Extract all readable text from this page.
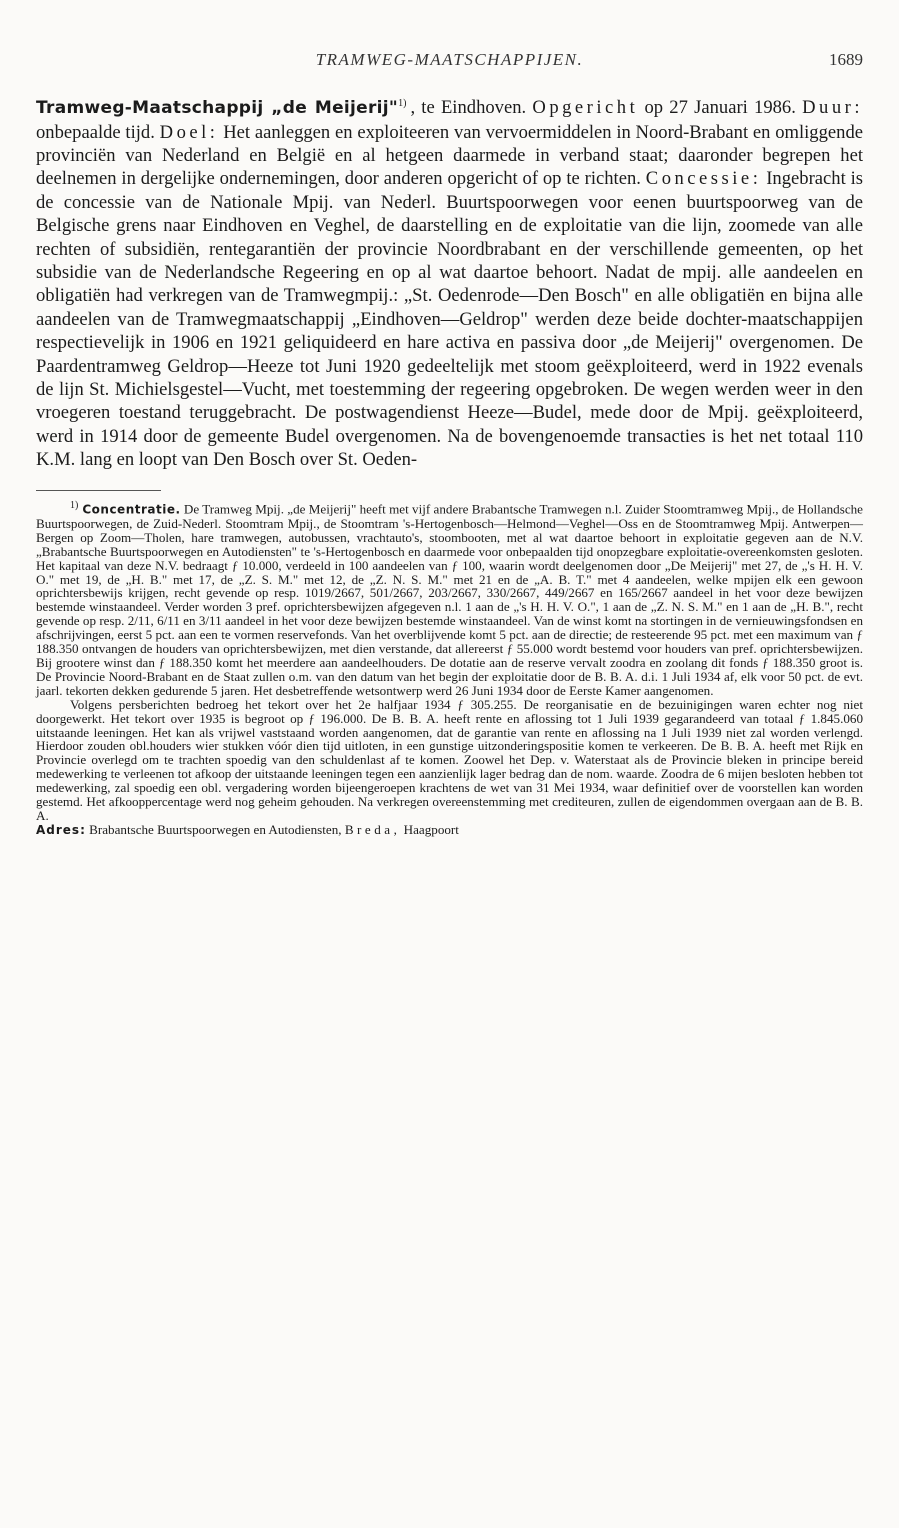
TRAMWEG-MAATSCHAPPIJEN.	1689

Tramweg-Maatschappij „de Meijerij"$^{1)}$ , te Eindhoven. Opgericht op 27 Januari 1986. Duur: onbepaalde tijd. Doel: Het aanleggen en exploiteeren van vervoermiddelen in Noord-Brabant en omliggende provinciën van Nederland en België en al hetgeen daarmede in verband staat; daaronder begrepen het deelnemen in dergelijke ondernemingen, door anderen opgericht of op te richten. Concessie: Ingebracht is de concessie van de Nationale Mpij. van Nederl. Buurtspoorwegen voor eenen buurtspoorweg van de Belgische grens naar Eindhoven en Veghel, de daarstelling en de exploitatie van die lijn, zoomede van alle rechten of subsidiën, rentegarantiën der provincie Noordbrabant en der verschillende gemeenten, op het subsidie van de Nederlandsche Regeering en op al wat daartoe behoort. Nadat de mpij. alle aandeelen en obligatiën had verkregen van de Tramwegmpij.: „St. Oedenrode—Den Bosch" en alle obligatiën en bijna alle aandeelen van de Tramwegmaatschappij „Eindhoven—Geldrop" werden deze beide dochter-maatschappijen respectievelijk in 1906 en 1921 geliquideerd en hare activa en passiva door „de Meijerij" overgenomen. De Paardentramweg Geldrop—Heeze tot Juni 1920 gedeeltelijk met stoom geëxploiteerd, werd in 1922 evenals de lijn St. Michielsgestel—Vucht, met toestemming der regeering opgebroken. De wegen werden weer in den vroegeren toestand teruggebracht. De postwagendienst Heeze—Budel, mede door de Mpij. geëxploiteerd, werd in 1914 door de gemeente Budel overgenomen. Na de bovengenoemde transacties is het net totaal 110 K.M. lang en loopt van Den Bosch over St. Oeden-

$^{1)}$ Concentratie. De Tramweg Mpij. „de Meijerij" heeft met vijf andere Brabantsche Tramwegen n.l. Zuider Stoomtramweg Mpij., de Hollandsche Buurtspoorwegen, de Zuid-Nederl. Stoomtram Mpij., de Stoomtram 's-Hertogenbosch—Helmond—Veghel—Oss en de Stoomtramweg Mpij. Antwerpen—Bergen op Zoom—Tholen, hare tramwegen, autobussen, vrachtauto's, stoombooten, met al wat daartoe behoort in exploitatie gegeven aan de N.V. „Brabantsche Buurtspoorwegen en Autodiensten" te 's-Hertogenbosch en daarmede voor onbepaalden tijd onopzegbare exploitatie-overeenkomsten gesloten. Het kapitaal van deze N.V. bedraagt ƒ 10.000, verdeeld in 100 aandeelen van ƒ 100, waarin wordt deelgenomen door „De Meijerij" met 27, de „'s H. H. V. O." met 19, de „H. B." met 17, de „Z. S. M." met 12, de „Z. N. S. M." met 21 en de „A. B. T." met 4 aandeelen, welke mpijen elk een gewoon oprichtersbewijs krijgen, recht gevende op resp. 1019/2667, 501/2667, 203/2667, 330/2667, 449/2667 en 165/2667 aandeel in het voor deze bewijzen bestemde winstaandeel. Verder worden 3 pref. oprichtersbewijzen afgegeven n.l. 1 aan de „'s H. H. V. O.", 1 aan de „Z. N. S. M." en 1 aan de „H. B.", recht gevende op resp. 2/11, 6/11 en 3/11 aandeel in het voor deze bewijzen bestemde winstaandeel. Van de winst komt na stortingen in de vernieuwingsfondsen en afschrijvingen, eerst 5 pct. aan een te vormen reservefonds. Van het overblijvende komt 5 pct. aan de directie; de resteerende 95 pct. met een maximum van ƒ 188.350 ontvangen de houders van oprichtersbewijzen, met dien verstande, dat allereerst ƒ 55.000 wordt bestemd voor houders van pref. oprichtersbewijzen. Bij grootere winst dan ƒ 188.350 komt het meerdere aan aandeelhouders. De dotatie aan de reserve vervalt zoodra en zoolang dit fonds ƒ 188.350 groot is. De Provincie Noord-Brabant en de Staat zullen o.m. van den datum van het begin der exploitatie door de B. B. A. d.i. 1 Juli 1934 af, elk voor 50 pct. de evt. jaarl. tekorten dekken gedurende 5 jaren. Het desbetreffende wetsontwerp werd 26 Juni 1934 door de Eerste Kamer aangenomen.

Volgens persberichten bedroeg het tekort over het 2e halfjaar 1934 ƒ 305.255. De reorganisatie en de bezuinigingen waren echter nog niet doorgewerkt. Het tekort over 1935 is begroot op ƒ 196.000. De B. B. A. heeft rente en aflossing tot 1 Juli 1939 gegarandeerd van totaal ƒ 1.845.060 uitstaande leeningen. Het kan als vrijwel vaststaand worden aangenomen, dat de garantie van rente en aflossing na 1 Juli 1939 niet zal worden verlengd. Hierdoor zouden obl.houders wier stukken vóór dien tijd uitloten, in een gunstige uitzonderingspositie komen te verkeeren. De B. B. A. heeft met Rijk en Provincie overlegd om te trachten spoedig van den schuldenlast af te komen. Zoowel het Dep. v. Waterstaat als de Provincie bleken in principe bereid medewerking te verleenen tot afkoop der uitstaande leeningen tegen een aanzienlijk lager bedrag dan de nom. waarde. Zoodra de 6 mijen besloten hebben tot medewerking, zal spoedig een obl. vergadering worden bijeengeroepen krachtens de wet van 31 Mei 1934, waar definitief over de voorstellen kan worden gestemd. Het afkooppercentage werd nog geheim gehouden. Na verkregen overeenstemming met crediteuren, zullen de eigendommen overgaan aan de B. B. A.

Adres: Brabantsche Buurtspoorwegen en Autodiensten, Breda, Haagpoort
